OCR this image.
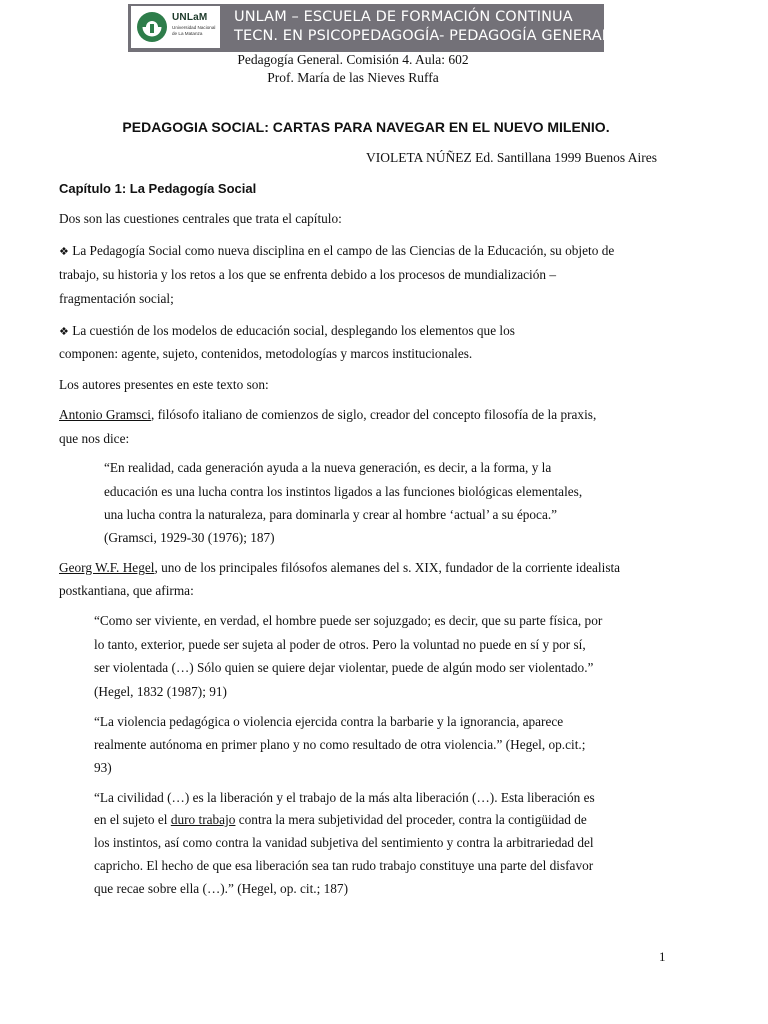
UNLaM
Universidad Nacional de La Matanza
UNLAM – ESCUELA DE FORMACIÓN CONTINUA
TECN. EN PSICOPEDAGOGÍA- PEDAGOGÍA GENERAL
Pedagogía General. Comisión 4. Aula: 602
Prof. María de las Nieves Ruffa
PEDAGOGIA SOCIAL: CARTAS PARA NAVEGAR EN EL NUEVO MILENIO.
VIOLETA NÚÑEZ Ed. Santillana 1999 Buenos Aires
Capítulo 1: La Pedagogía Social
Dos son las cuestiones centrales que trata el capítulo:
❖ La Pedagogía Social como nueva disciplina en el campo de las Ciencias de la Educación, su objeto de
trabajo, su historia y los retos a los que se enfrenta debido a los procesos de mundialización –
fragmentación social;
❖ La cuestión de los modelos de educación social, desplegando los elementos que los
componen: agente, sujeto, contenidos, metodologías y marcos institucionales.
Los autores presentes en este texto son:
Antonio Gramsci, filósofo italiano de comienzos de siglo, creador del concepto filosofía de la praxis,
que nos dice:
“En realidad, cada generación ayuda a la nueva generación, es decir, a la forma, y la
educación es una lucha contra los instintos ligados a las funciones biológicas elementales,
una lucha contra la naturaleza, para dominarla y crear al hombre ‘actual’ a su época.”
(Gramsci, 1929-30 (1976); 187)
Georg W.F. Hegel, uno de los principales filósofos alemanes del s. XIX, fundador de la corriente idealista
postkantiana, que afirma:
“Como ser viviente, en verdad, el hombre puede ser sojuzgado; es decir, que su parte física, por
lo tanto, exterior, puede ser sujeta al poder de otros. Pero la voluntad no puede en sí y por sí,
ser violentada (…) Sólo quien se quiere dejar violentar, puede de algún modo ser violentado.”
(Hegel, 1832 (1987); 91)
“La violencia pedagógica o violencia ejercida contra la barbarie y la ignorancia, aparece
realmente autónoma en primer plano y no como resultado de otra violencia.” (Hegel, op.cit.;
93)
“La civilidad (…) es la liberación y el trabajo de la más alta liberación (…). Esta liberación es
en el sujeto el duro trabajo contra la mera subjetividad del proceder, contra la contigüidad de
los instintos, así como contra la vanidad subjetiva del sentimiento y contra la arbitrariedad del
capricho. El hecho de que esa liberación sea tan rudo trabajo constituye una parte del disfavor
que recae sobre ella (…).” (Hegel, op. cit.; 187)
1
